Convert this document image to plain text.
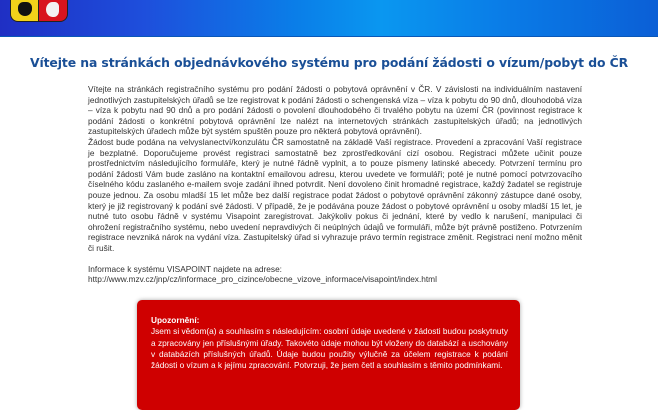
Vítejte na stránkách objednávkového systému pro podání žádosti o vízum/pobyt do ČR

Vítejte na stránkách registračního systému pro podání žádosti o pobytová oprávnění v ČR. V závislosti na individuálním nastavení jednotlivých zastupitelských úřadů se lze registrovat k podání žádosti o schengenská víza – víza k pobytu do 90 dnů, dlouhodobá víza – víza k pobytu nad 90 dnů a pro podání žádosti o povolení dlouhodobého či trvalého pobytu na území ČR (povinnost registrace k podání žádosti o konkrétní pobytová oprávnění lze nalézt na internetových stránkách zastupitelských úřadů; na jednotlivých zastupitelských úřadech může být systém spuštěn pouze pro některá pobytová oprávnění).

Žádost bude podána na velvyslanectví/konzulátu ČR samostatně na základě Vaší registrace. Provedení a zpracování Vaší registrace je bezplatné. Doporučujeme provést registraci samostatně bez zprostředkování cizí osobou. Registraci můžete učinit pouze prostřednictvím následujícího formuláře, který je nutné řádně vyplnit, a to pouze písmeny latinské abecedy. Potvrzení termínu pro podání žádosti Vám bude zasláno na kontaktní emailovou adresu, kterou uvedete ve formuláři; poté je nutné pomocí potvrzovacího číselného kódu zaslaného e-mailem svoje zadání ihned potvrdit. Není dovoleno činit hromadné registrace, každý žadatel se registruje pouze jednou. Za osobu mladší 15 let může bez další registrace podat žádost o pobytové oprávnění zákonný zástupce dané osoby, který je již registrovaný k podání své žádosti. V případě, že je podávána pouze žádost o pobytové oprávnění u osoby mladší 15 let, je nutné tuto osobu řádně v systému Visapoint zaregistrovat. Jakýkoliv pokus či jednání, které by vedlo k narušení, manipulaci či ohrožení registračního systému, nebo uvedení nepravdivých či neúplných údajů ve formuláři, může být právně postiženo. Potvrzením registrace nevzniká nárok na vydání víza. Zastupitelský úřad si vyhrazuje právo termín registrace změnit. Registraci není možno měnit či rušit.

Informace k systému VISAPOINT najdete na adrese:
http://www.mzv.cz/jnp/cz/informace_pro_cizince/obecne_vizove_informace/visapoint/index.html

Upozornění:
Jsem si vědom(a) a souhlasím s následujícím: osobní údaje uvedené v žádosti budou poskytnuty a zpracovány jen příslušnými úřady. Takovéto údaje mohou být vloženy do databází a uschovány v databázích příslušných úřadů. Údaje budou použity výlučně za účelem registrace k podání žádosti o vízum a k jejímu zpracování. Potvrzuji, že jsem četl a souhlasím s těmito podmínkami.
